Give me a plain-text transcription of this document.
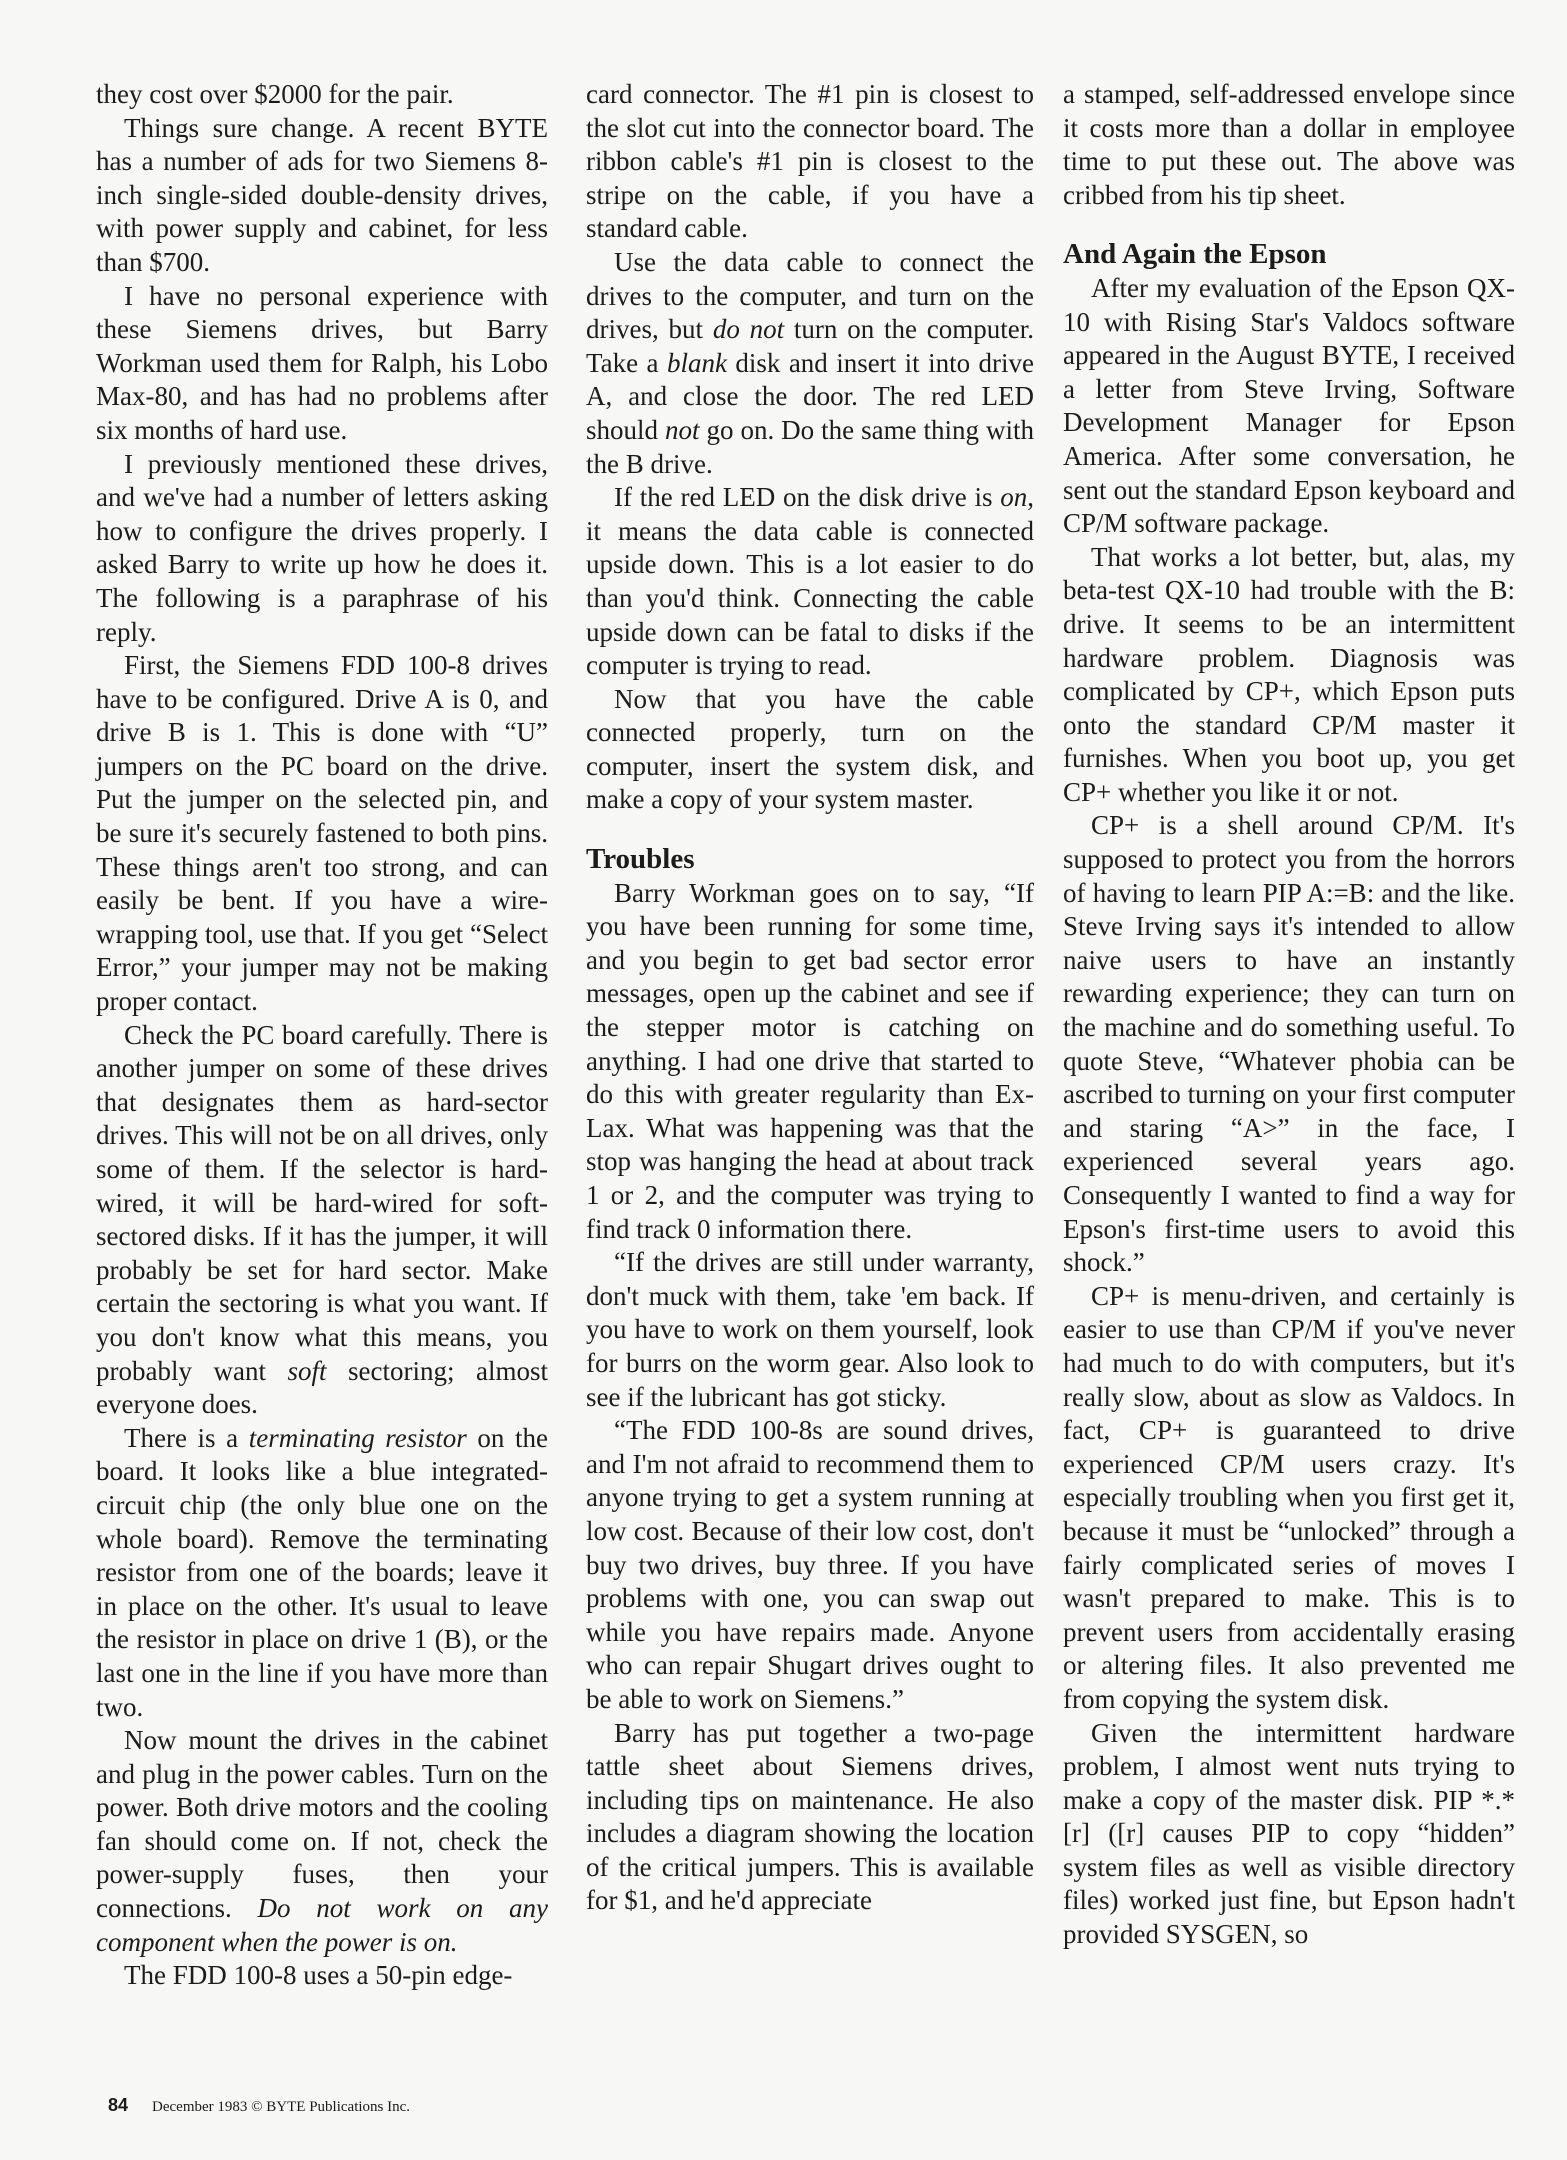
they cost over $2000 for the pair.

Things sure change. A recent BYTE has a number of ads for two Siemens 8-inch single-sided double-density drives, with power supply and cabinet, for less than $700.

I have no personal experience with these Siemens drives, but Barry Workman used them for Ralph, his Lobo Max-80, and has had no problems after six months of hard use.

I previously mentioned these drives, and we've had a number of letters asking how to configure the drives properly. I asked Barry to write up how he does it. The following is a paraphrase of his reply.

First, the Siemens FDD 100-8 drives have to be configured. Drive A is 0, and drive B is 1. This is done with “U” jumpers on the PC board on the drive. Put the jumper on the selected pin, and be sure it's securely fastened to both pins. These things aren't too strong, and can easily be bent. If you have a wire-wrapping tool, use that. If you get “Select Error,” your jumper may not be making proper contact.

Check the PC board carefully. There is another jumper on some of these drives that designates them as hard-sector drives. This will not be on all drives, only some of them. If the selector is hard-wired, it will be hard-wired for soft-sectored disks. If it has the jumper, it will probably be set for hard sector. Make certain the sectoring is what you want. If you don't know what this means, you probably want soft sectoring; almost everyone does.

There is a terminating resistor on the board. It looks like a blue integrated-circuit chip (the only blue one on the whole board). Remove the terminating resistor from one of the boards; leave it in place on the other. It's usual to leave the resistor in place on drive 1 (B), or the last one in the line if you have more than two.

Now mount the drives in the cabinet and plug in the power cables. Turn on the power. Both drive motors and the cooling fan should come on. If not, check the power-supply fuses, then your connections. Do not work on any component when the power is on.

The FDD 100-8 uses a 50-pin edge-

card connector. The #1 pin is closest to the slot cut into the connector board. The ribbon cable's #1 pin is closest to the stripe on the cable, if you have a standard cable.

Use the data cable to connect the drives to the computer, and turn on the drives, but do not turn on the computer. Take a blank disk and insert it into drive A, and close the door. The red LED should not go on. Do the same thing with the B drive.

If the red LED on the disk drive is on, it means the data cable is connected upside down. This is a lot easier to do than you'd think. Connecting the cable upside down can be fatal to disks if the computer is trying to read.

Now that you have the cable connected properly, turn on the computer, insert the system disk, and make a copy of your system master.

Troubles

Barry Workman goes on to say, “If you have been running for some time, and you begin to get bad sector error messages, open up the cabinet and see if the stepper motor is catching on anything. I had one drive that started to do this with greater regularity than Ex-Lax. What was happening was that the stop was hanging the head at about track 1 or 2, and the computer was trying to find track 0 information there.

“If the drives are still under warranty, don't muck with them, take 'em back. If you have to work on them yourself, look for burrs on the worm gear. Also look to see if the lubricant has got sticky.

“The FDD 100-8s are sound drives, and I'm not afraid to recommend them to anyone trying to get a system running at low cost. Because of their low cost, don't buy two drives, buy three. If you have problems with one, you can swap out while you have repairs made. Anyone who can repair Shugart drives ought to be able to work on Siemens.”

Barry has put together a two-page tattle sheet about Siemens drives, including tips on maintenance. He also includes a diagram showing the location of the critical jumpers. This is available for $1, and he'd appreciate

a stamped, self-addressed envelope since it costs more than a dollar in employee time to put these out. The above was cribbed from his tip sheet.

And Again the Epson

After my evaluation of the Epson QX-10 with Rising Star's Valdocs software appeared in the August BYTE, I received a letter from Steve Irving, Software Development Manager for Epson America. After some conversation, he sent out the standard Epson keyboard and CP/M software package.

That works a lot better, but, alas, my beta-test QX-10 had trouble with the B: drive. It seems to be an intermittent hardware problem. Diagnosis was complicated by CP+, which Epson puts onto the standard CP/M master it furnishes. When you boot up, you get CP+ whether you like it or not.

CP+ is a shell around CP/M. It's supposed to protect you from the horrors of having to learn PIP A:=B: and the like. Steve Irving says it's intended to allow naive users to have an instantly rewarding experience; they can turn on the machine and do something useful. To quote Steve, “Whatever phobia can be ascribed to turning on your first computer and staring “A>” in the face, I experienced several years ago. Consequently I wanted to find a way for Epson's first-time users to avoid this shock.”

CP+ is menu-driven, and certainly is easier to use than CP/M if you've never had much to do with computers, but it's really slow, about as slow as Valdocs. In fact, CP+ is guaranteed to drive experienced CP/M users crazy. It's especially troubling when you first get it, because it must be “unlocked” through a fairly complicated series of moves I wasn't prepared to make. This is to prevent users from accidentally erasing or altering files. It also prevented me from copying the system disk.

Given the intermittent hardware problem, I almost went nuts trying to make a copy of the master disk. PIP *.*[r] ([r] causes PIP to copy “hidden” system files as well as visible directory files) worked just fine, but Epson hadn't provided SYSGEN, so

84 December 1983 © BYTE Publications Inc.
